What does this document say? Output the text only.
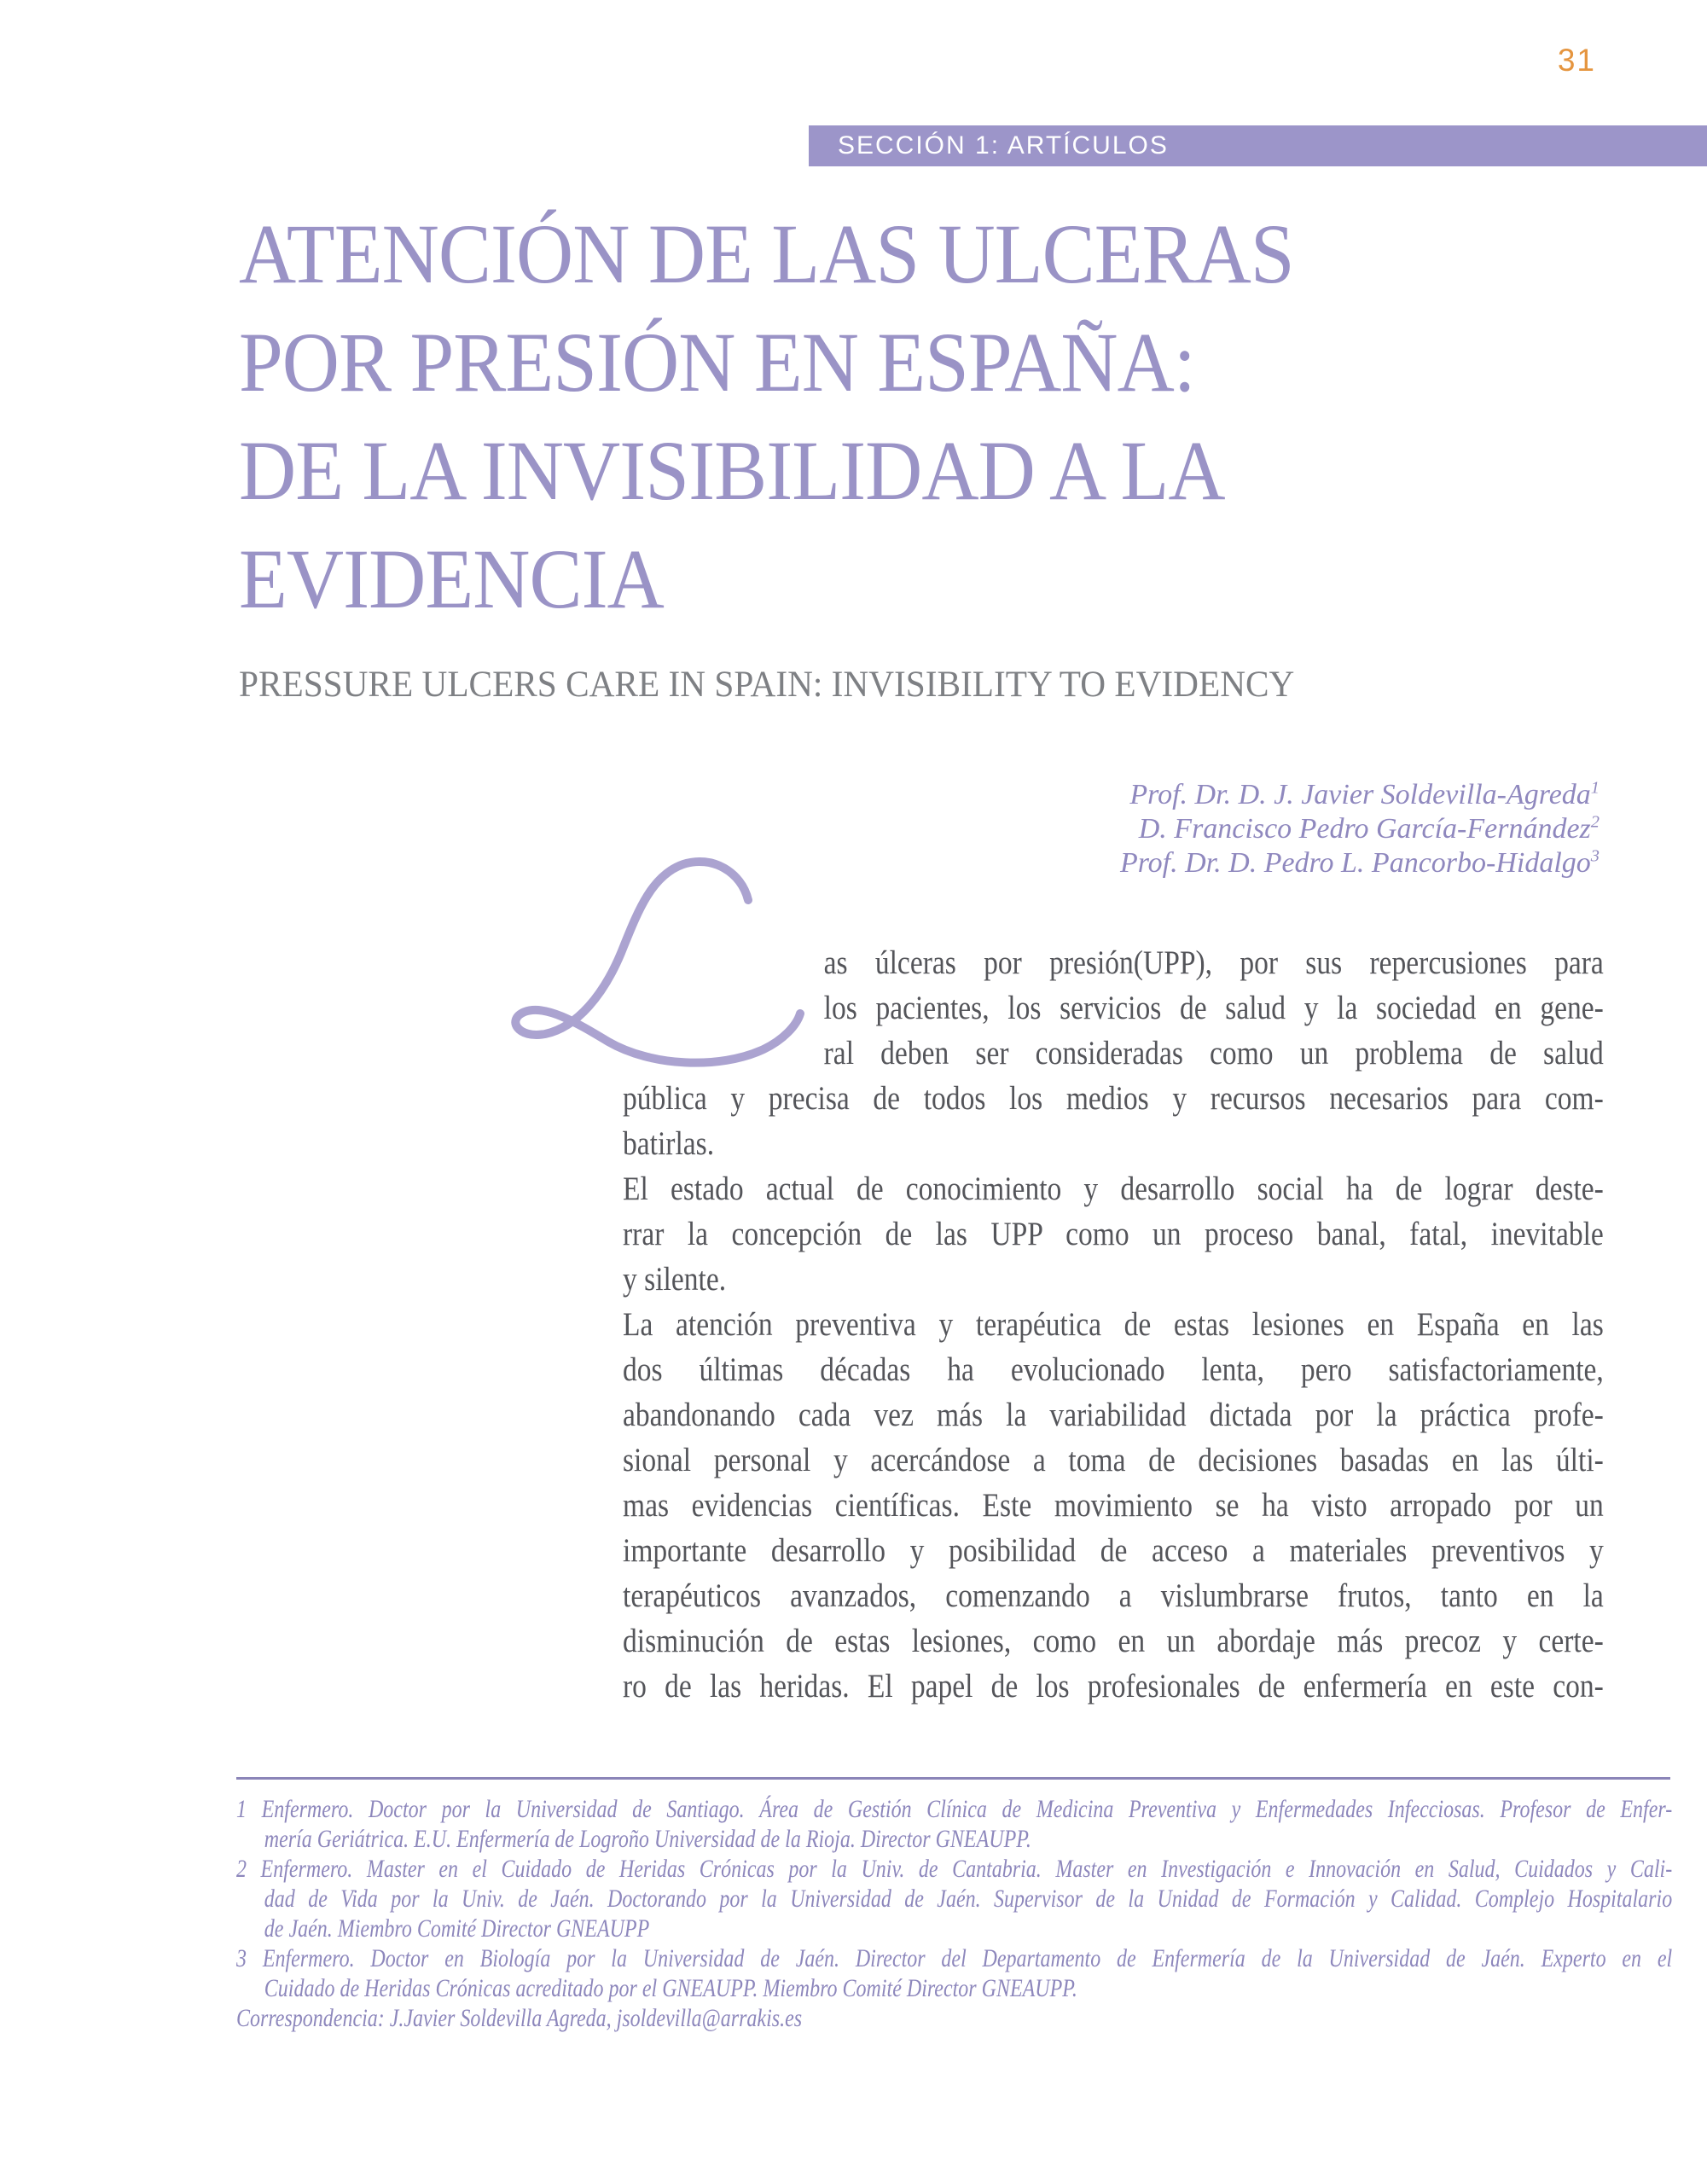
31
SECCIÓN 1: ARTÍCULOS
ATENCIÓN DE LAS ULCERAS
POR PRESIÓN EN ESPAÑA:
DE LA INVISIBILIDAD A LA
EVIDENCIA
PRESSURE ULCERS CARE IN SPAIN: INVISIBILITY TO EVIDENCY
Prof. Dr. D. J. Javier Soldevilla-Agreda$^1$
D. Francisco Pedro García-Fernández$^2$
Prof. Dr. D. Pedro L. Pancorbo-Hidalgo$^3$
as úlceras por presión(UPP), por sus repercusiones para
los pacientes, los servicios de salud y la sociedad en gene-
ral deben ser consideradas como un problema de salud
pública y precisa de todos los medios y recursos necesarios para com-
batirlas.
El estado actual de conocimiento y desarrollo social ha de lograr deste-
rrar la concepción de las UPP como un proceso banal, fatal, inevitable
y silente.
La atención preventiva y terapéutica de estas lesiones en España en las
dos últimas décadas ha evolucionado lenta, pero satisfactoriamente,
abandonando cada vez más la variabilidad dictada por la práctica profe-
sional personal y acercándose a toma de decisiones basadas en las últi-
mas evidencias científicas. Este movimiento se ha visto arropado por un
importante desarrollo y posibilidad de acceso a materiales preventivos y
terapéuticos avanzados, comenzando a vislumbrarse frutos, tanto en la
disminución de estas lesiones, como en un abordaje más precoz y certe-
ro de las heridas. El papel de los profesionales de enfermería en este con-
1 Enfermero. Doctor por la Universidad de Santiago. Área de Gestión Clínica de Medicina Preventiva y Enfermedades Infecciosas. Profesor de Enfer-
mería Geriátrica. E.U. Enfermería de Logroño Universidad de la Rioja. Director GNEAUPP.
2 Enfermero. Master en el Cuidado de Heridas Crónicas por la Univ. de Cantabria. Master en Investigación e Innovación en Salud, Cuidados y Cali-
dad de Vida por la Univ. de Jaén. Doctorando por la Universidad de Jaén. Supervisor de la Unidad de Formación y Calidad. Complejo Hospitalario
de Jaén. Miembro Comité Director GNEAUPP
3 Enfermero. Doctor en Biología por la Universidad de Jaén. Director del Departamento de Enfermería de la Universidad de Jaén. Experto en el
Cuidado de Heridas Crónicas acreditado por el GNEAUPP. Miembro Comité Director GNEAUPP.
Correspondencia: J.Javier Soldevilla Agreda, jsoldevilla@arrakis.es
